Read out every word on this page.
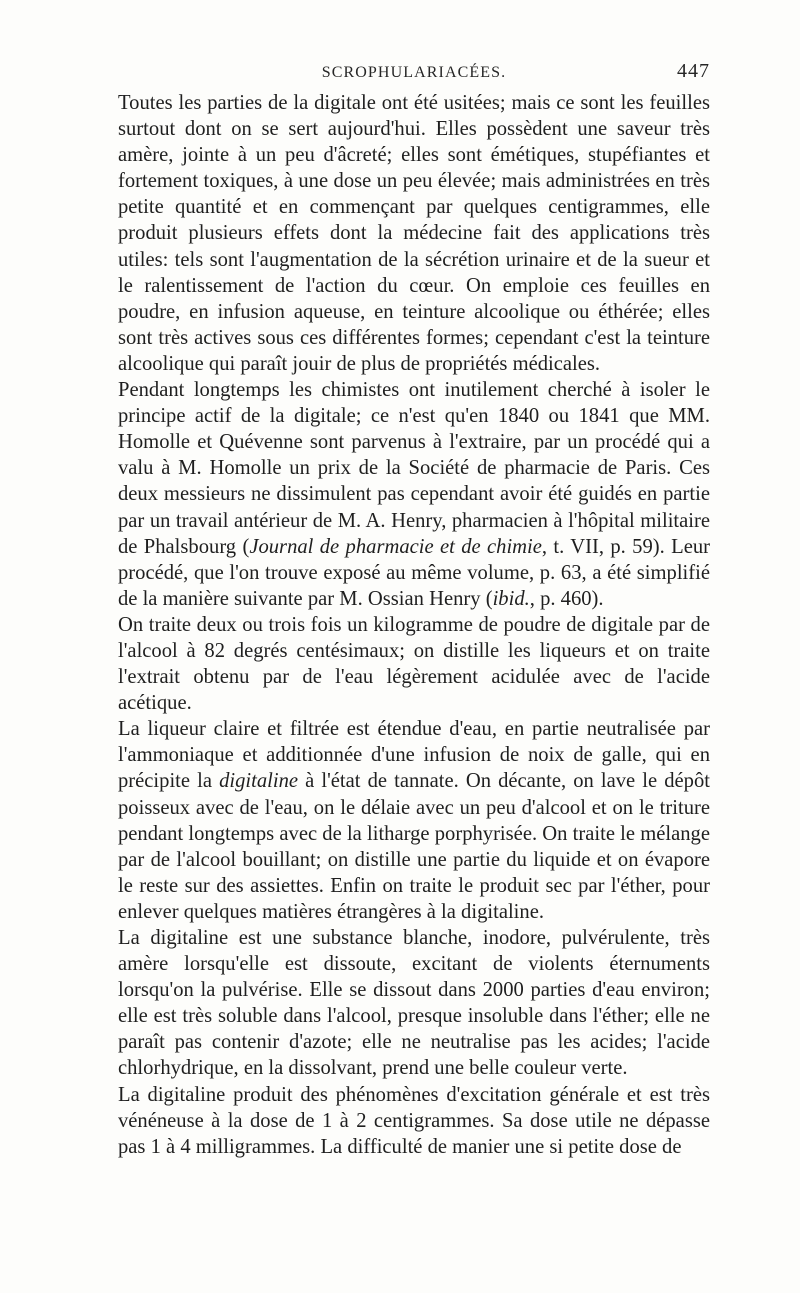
SCROPHULARIACÉES.	447

Toutes les parties de la digitale ont été usitées; mais ce sont les feuilles surtout dont on se sert aujourd'hui. Elles possèdent une saveur très amère, jointe à un peu d'âcreté; elles sont émétiques, stupéfiantes et fortement toxiques, à une dose un peu élevée; mais administrées en très petite quantité et en commençant par quelques centigrammes, elle produit plusieurs effets dont la médecine fait des applications très utiles: tels sont l'augmentation de la sécrétion urinaire et de la sueur et le ralentissement de l'action du cœur. On emploie ces feuilles en poudre, en infusion aqueuse, en teinture alcoolique ou éthérée; elles sont très actives sous ces différentes formes; cependant c'est la teinture alcoolique qui paraît jouir de plus de propriétés médicales.

Pendant longtemps les chimistes ont inutilement cherché à isoler le principe actif de la digitale; ce n'est qu'en 1840 ou 1841 que MM. Homolle et Quévenne sont parvenus à l'extraire, par un procédé qui a valu à M. Homolle un prix de la Société de pharmacie de Paris. Ces deux messieurs ne dissimulent pas cependant avoir été guidés en partie par un travail antérieur de M. A. Henry, pharmacien à l'hôpital militaire de Phalsbourg (Journal de pharmacie et de chimie, t. VII, p. 59). Leur procédé, que l'on trouve exposé au même volume, p. 63, a été simplifié de la manière suivante par M. Ossian Henry (ibid., p. 460).

On traite deux ou trois fois un kilogramme de poudre de digitale par de l'alcool à 82 degrés centésimaux; on distille les liqueurs et on traite l'extrait obtenu par de l'eau légèrement acidulée avec de l'acide acétique.

La liqueur claire et filtrée est étendue d'eau, en partie neutralisée par l'ammoniaque et additionnée d'une infusion de noix de galle, qui en précipite la digitaline à l'état de tannate. On décante, on lave le dépôt poisseux avec de l'eau, on le délaie avec un peu d'alcool et on le triture pendant longtemps avec de la litharge porphyrisée. On traite le mélange par de l'alcool bouillant; on distille une partie du liquide et on évapore le reste sur des assiettes. Enfin on traite le produit sec par l'éther, pour enlever quelques matières étrangères à la digitaline.

La digitaline est une substance blanche, inodore, pulvérulente, très amère lorsqu'elle est dissoute, excitant de violents éternuments lorsqu'on la pulvérise. Elle se dissout dans 2000 parties d'eau environ; elle est très soluble dans l'alcool, presque insoluble dans l'éther; elle ne paraît pas contenir d'azote; elle ne neutralise pas les acides; l'acide chlorhydrique, en la dissolvant, prend une belle couleur verte.

La digitaline produit des phénomènes d'excitation générale et est très vénéneuse à la dose de 1 à 2 centigrammes. Sa dose utile ne dépasse pas 1 à 4 milligrammes. La difficulté de manier une si petite dose de
